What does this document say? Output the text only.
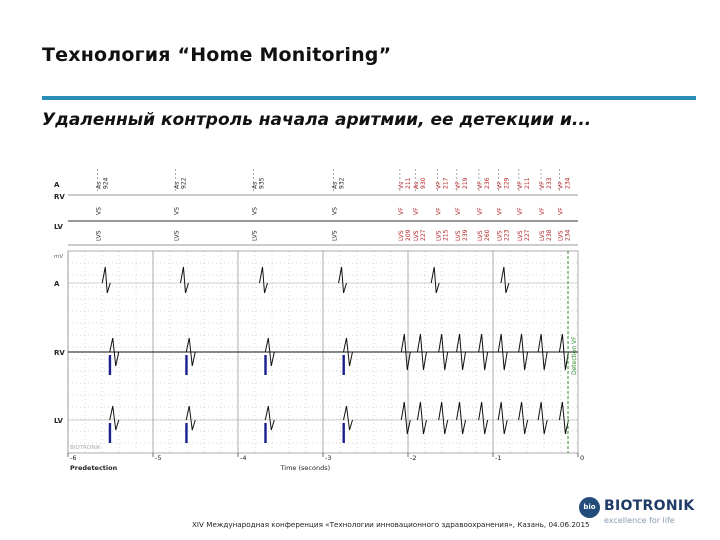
Технология “Home Monitoring”
Удаленный контроль начала аритмии, ее детекции и...
A
RV
LV
As 924
VS
LVS
As 922
VS
LVS
As 935
VS
LVS
As 932
VS
LVS
Vs 211
VF
LVS 209
As 930
VF
LVS 227
VF 217
VF
LVS 215
VF 219
VF
LVS 239
VF 236
VF
LVS 260
VF 229
VF
LVS 223
VF 211
VF
LVS 227
VF 233
VF
LVS 238
VF 234
VF
LVS 234
mV
A
RV
LV
Detection VF
BIOTRONIK
-6	-5	-4	-3	-2	-1	0
Time (seconds)
Predetection
XIV Международная конференция «Технологии инновационного здравоохранения», Казань, 04.06.2015
bio BIOTRONIK
excellence for life
